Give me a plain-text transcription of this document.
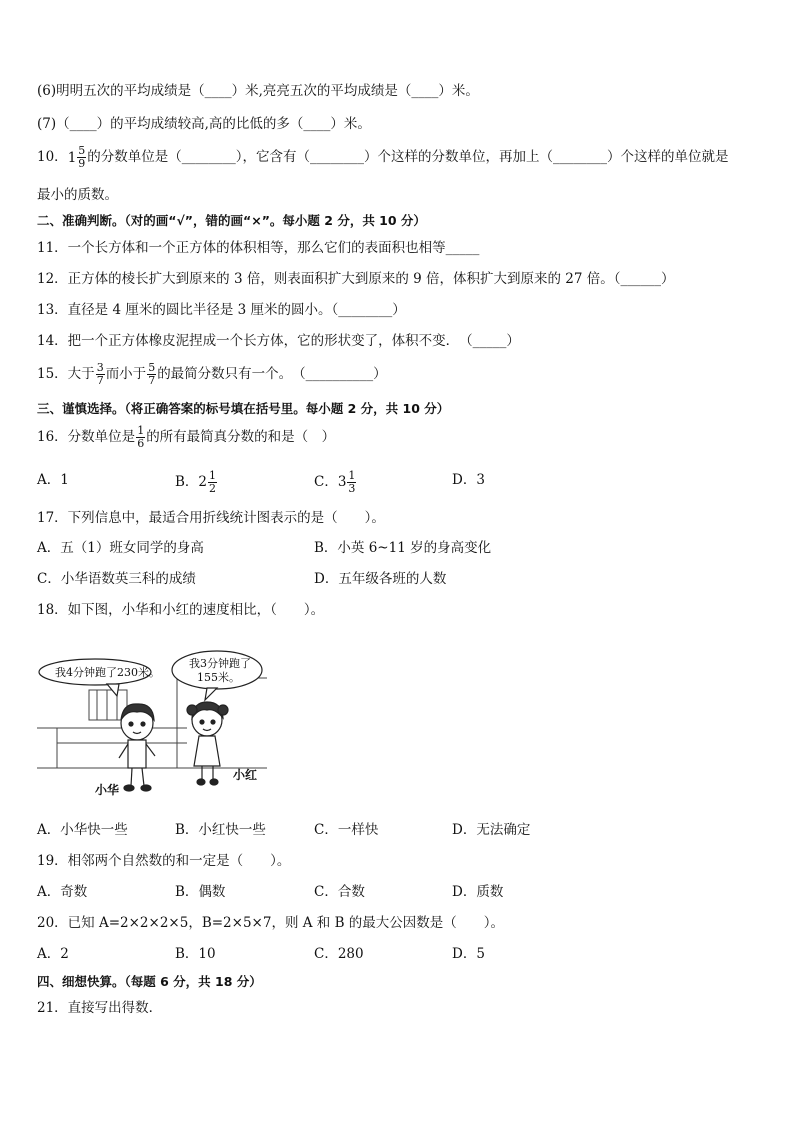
(6)明明五次的平均成绩是（____）米,亮亮五次的平均成绩是（____）米。
(7)（____）的平均成绩较高,高的比低的多（____）米。
10．$1 \frac{5}{9}$ 的分数单位是（________），它含有（________）个这样的分数单位，再加上（________）个这样的单位就是
最小的质数。
二、准确判断。（对的画“√”，错的画“×”。每小题 2 分，共 10 分）
11．一个长方体和一个正方体的体积相等，那么它们的表面积也相等_____
12．正方体的棱长扩大到原来的 3 倍，则表面积扩大到原来的 9 倍，体积扩大到原来的 27 倍。（______）
13．直径是 4 厘米的圆比半径是 3 厘米的圆小。（________）
14．把一个正方体橡皮泥捏成一个长方体，它的形状变了，体积不变．　（_____）
15．大于 $\frac{3}{7}$ 而小于 $\frac{5}{7}$ 的最简分数只有一个。　（__________）
三、谨慎选择。（将正确答案的标号填在括号里。每小题 2 分，共 10 分）
16．分数单位是 $\frac{1}{6}$ 的所有最简真分数的和是（　）
A．1	B．$2 \frac{1}{2}$	C．$3 \frac{1}{3}$	D．3
17．下列信息中，最适合用折线统计图表示的是（　　）。
A．五（1）班女同学的身高	B．小英 6~11 岁的身高变化
C．小华语数英三科的成绩	D．五年级各班的人数
18．如下图，小华和小红的速度相比，（　　）。
我4分钟跑了230米。
我3分钟跑了
155米。
小华
小红
A．小华快一些	B．小红快一些	C．一样快	D．无法确定
19．相邻两个自然数的和一定是（　　）。
A．奇数	B．偶数	C．合数	D．质数
20．已知 A=2×2×2×5，B=2×5×7，则 A 和 B 的最大公因数是（　　）。
A．2	B．10	C．280	D．5
四、细想快算。（每题 6 分，共 18 分）
21．直接写出得数．
